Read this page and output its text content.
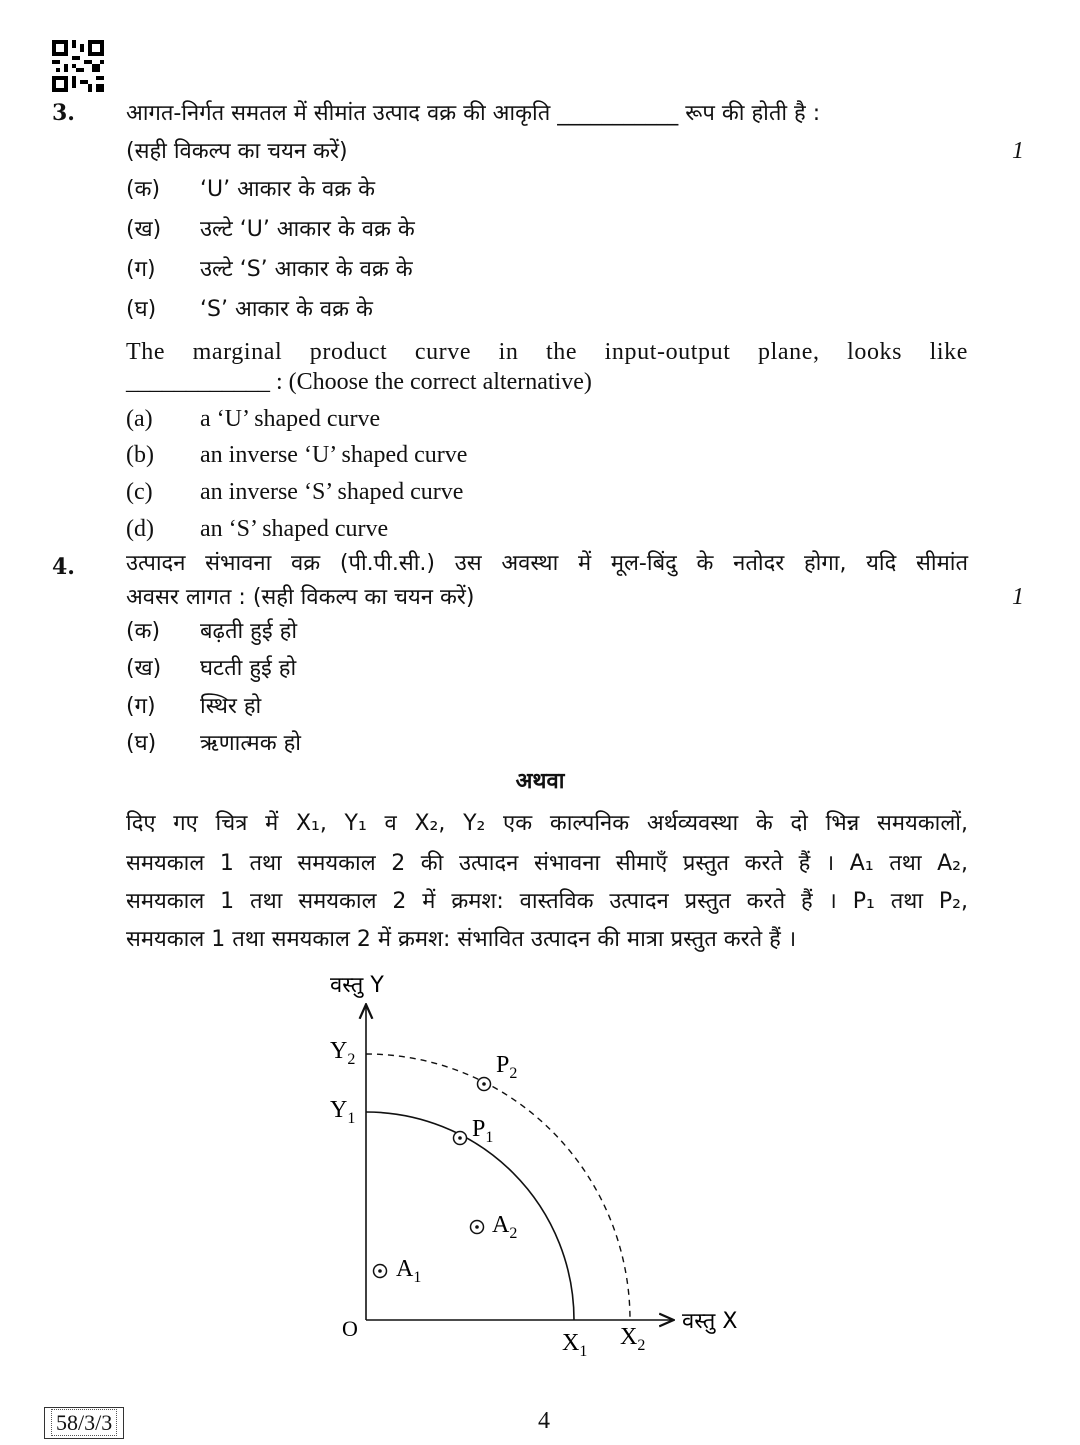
3. आगत-निर्गत समतल में सीमांत उत्पाद वक्र की आकृति ___________ रूप की होती है :
(सही विकल्प का चयन करें)	1
(क) ‘U’ आकार के वक्र के
(ख) उल्टे ‘U’ आकार के वक्र के
(ग) उल्टे ‘S’ आकार के वक्र के
(घ) ‘S’ आकार के वक्र के
The marginal product curve in the input-output plane, looks like
____________ : (Choose the correct alternative)
(a) a ‘U’ shaped curve
(b) an inverse ‘U’ shaped curve
(c) an inverse ‘S’ shaped curve
(d) an ‘S’ shaped curve
4. उत्पादन संभावना वक्र (पी.पी.सी.) उस अवस्था में मूल-बिंदु के नतोदर होगा, यदि सीमांत
अवसर लागत : (सही विकल्प का चयन करें)	1
(क) बढ़ती हुई हो
(ख) घटती हुई हो
(ग) स्थिर हो
(घ) ऋणात्मक हो
अथवा
दिए गए चित्र में X₁, Y₁ व X₂, Y₂ एक काल्पनिक अर्थव्यवस्था के दो भिन्न समयकालों,
समयकाल 1 तथा समयकाल 2 की उत्पादन संभावना सीमाएँ प्रस्तुत करते हैं । A₁ तथा A₂,
समयकाल 1 तथा समयकाल 2 में क्रमश: वास्तविक उत्पादन प्रस्तुत करते हैं । P₁ तथा P₂,
समयकाल 1 तथा समयकाल 2 में क्रमश: संभावित उत्पादन की मात्रा प्रस्तुत करते हैं ।
वस्तु Y
वस्तु X
O
$Y_2$
$Y_1$
$X_1$
$X_2$
$P_2$
$P_1$
$A_2$
$A_1$
58/3/3	4
